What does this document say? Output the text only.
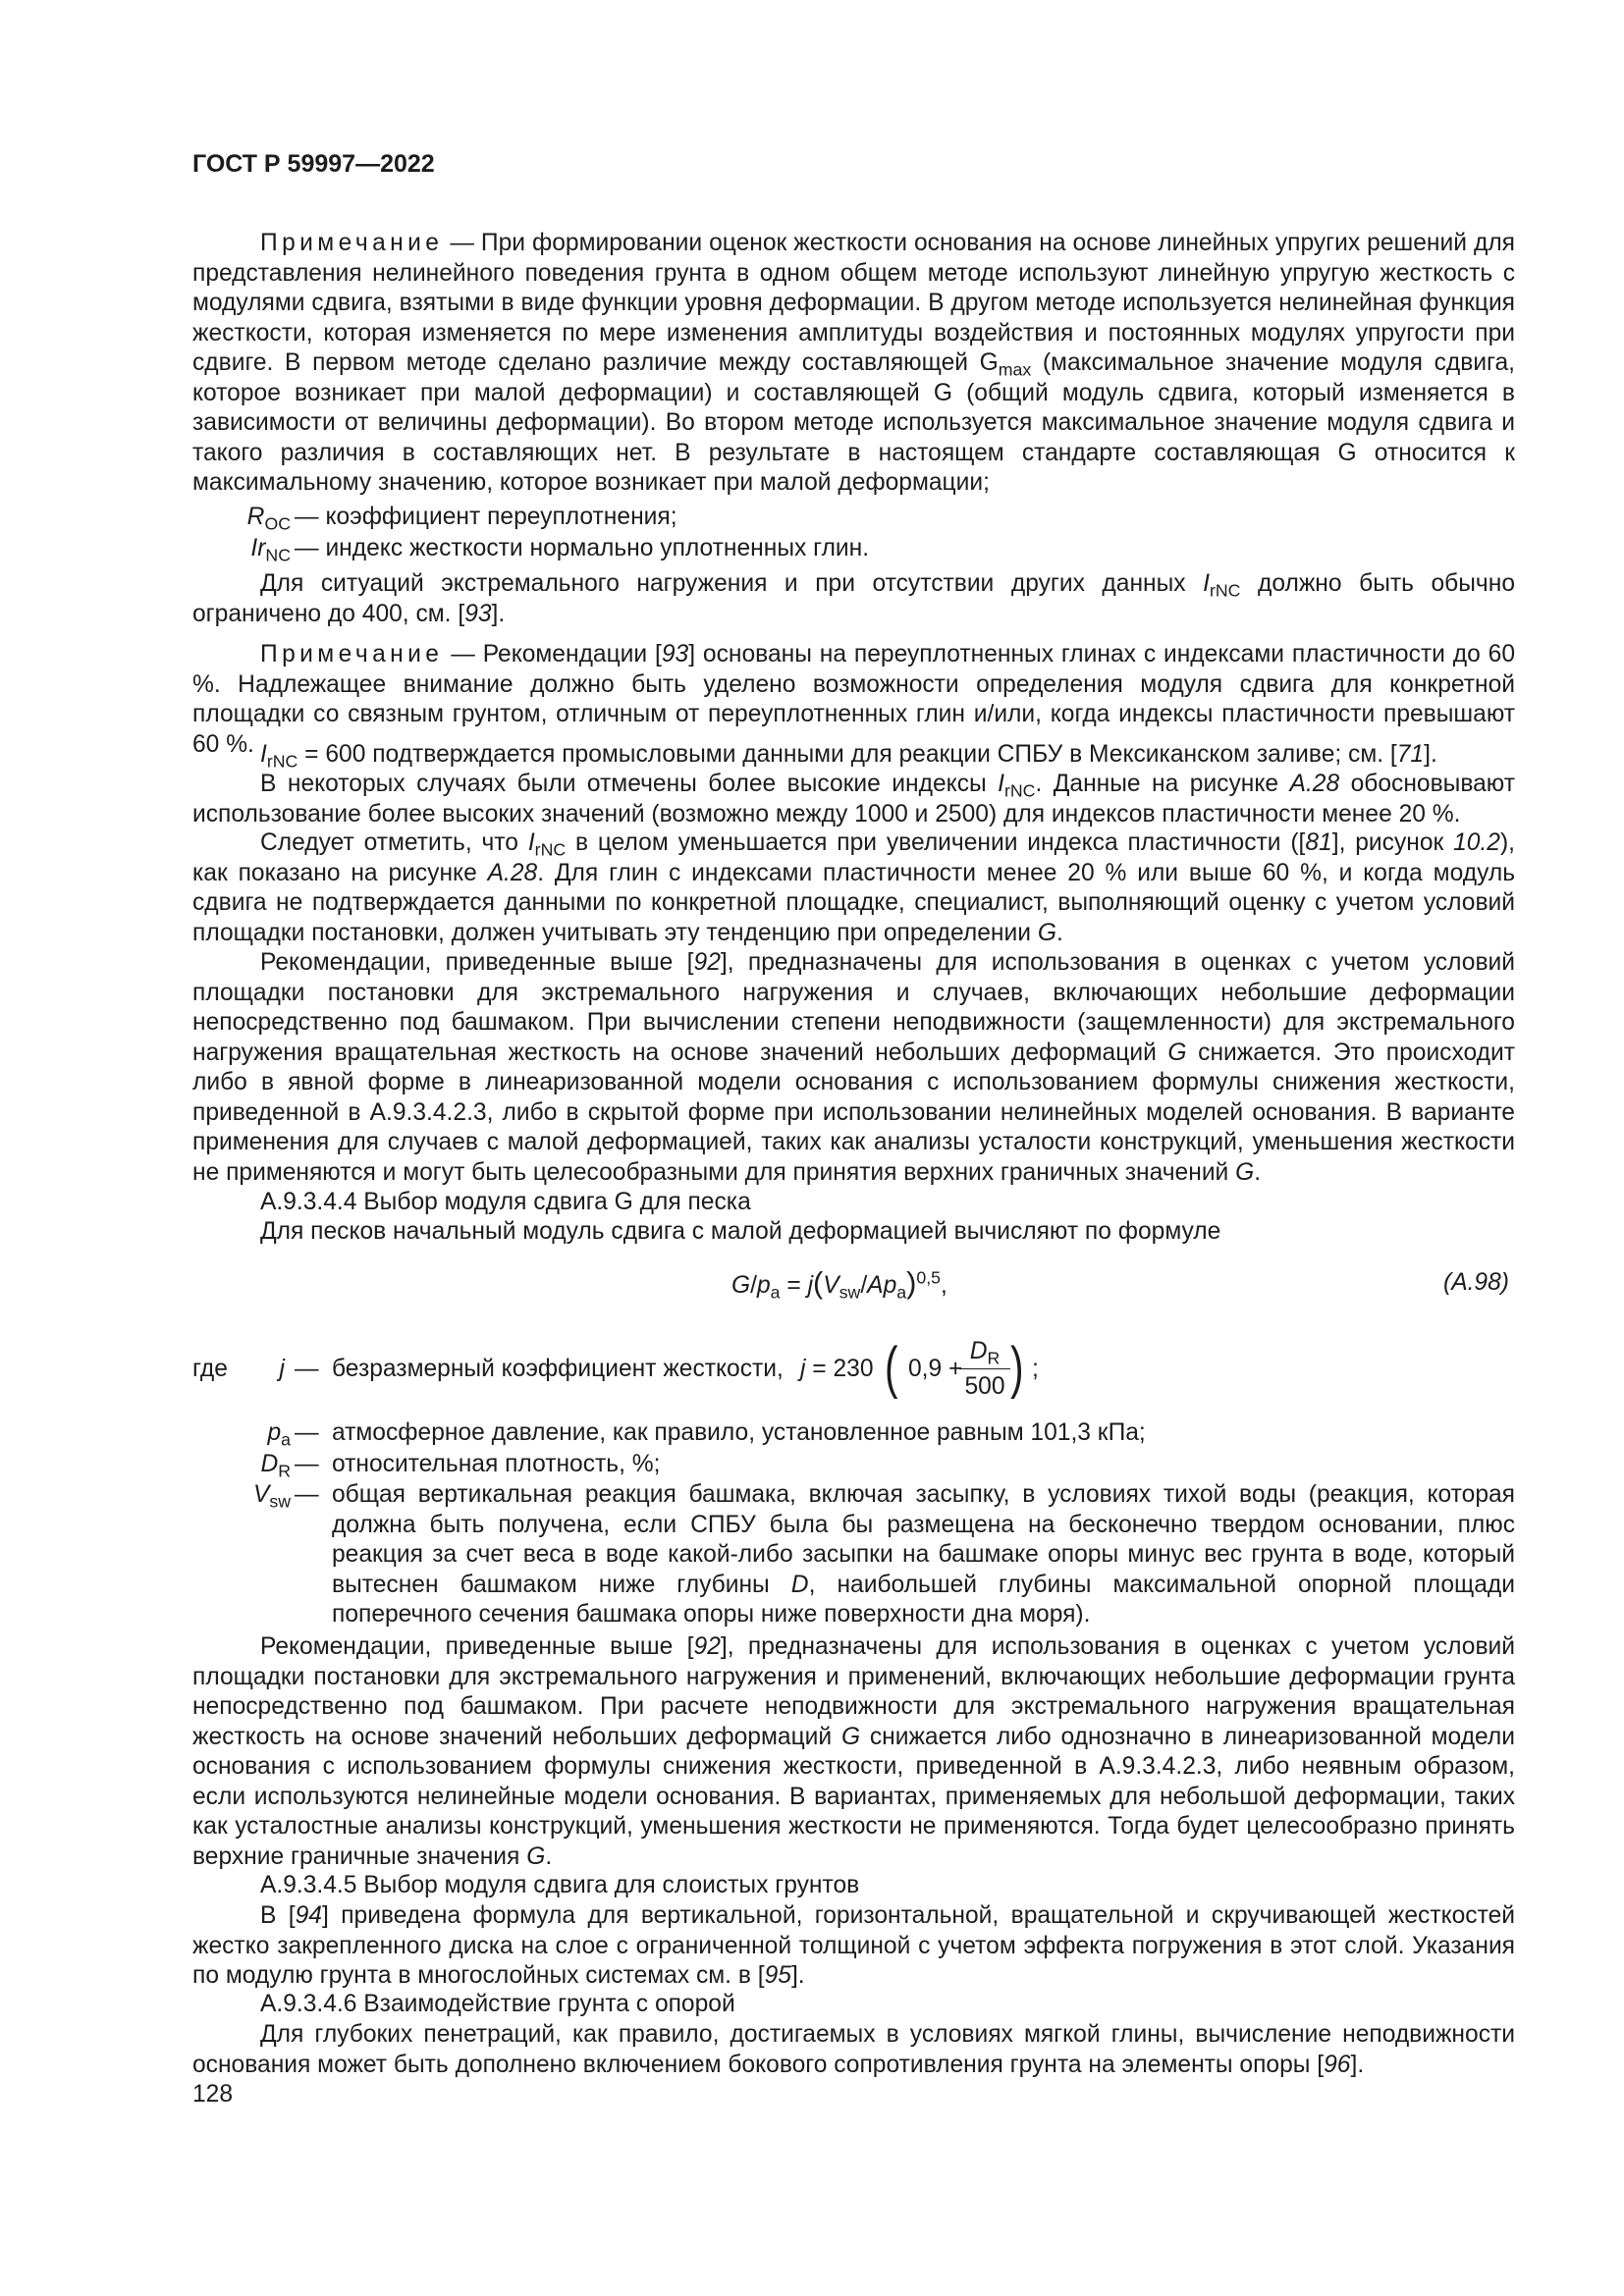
ГОСТ Р 59997—2022

Примечание — При формировании оценок жесткости основания на основе линейных упругих решений для представления нелинейного поведения грунта в одном общем методе используют линейную упругую жесткость с модулями сдвига, взятыми в виде функции уровня деформации. В другом методе используется нелинейная функция жесткости, которая изменяется по мере изменения амплитуды воздействия и постоянных модулях упругости при сдвиге. В первом методе сделано различие между составляющей $G_{max}$ (максимальное значение модуля сдвига, которое возникает при малой деформации) и составляющей G (общий модуль сдвига, который изменяется в зависимости от величины деформации). Во втором методе используется максимальное значение модуля сдвига и такого различия в составляющих нет. В результате в настоящем стандарте составляющая G относится к максимальному значению, которое возникает при малой деформации;

$R_{OC}$ — коэффициент переуплотнения;
$Ir_{NC}$ — индекс жесткости нормально уплотненных глин.

Для ситуаций экстремального нагружения и при отсутствии других данных $I_{rNC}$ должно быть обычно ограничено до 400, см. [93].

Примечание — Рекомендации [93] основаны на переуплотненных глинах с индексами пластичности до 60 %. Надлежащее внимание должно быть уделено возможности определения модуля сдвига для конкретной площадки со связным грунтом, отличным от переуплотненных глин и/или, когда индексы пластичности превышают 60 %. $I_{rNC} = 600$ подтверждается промысловыми данными для реакции СПБУ в Мексиканском заливе; см. [71].

В некоторых случаях были отмечены более высокие индексы $I_{rNC}$. Данные на рисунке A.28 обосновывают использование более высоких значений (возможно между 1000 и 2500) для индексов пластичности менее 20 %.

Следует отметить, что $I_{rNC}$ в целом уменьшается при увеличении индекса пластичности ([81], рисунок 10.2), как показано на рисунке A.28. Для глин с индексами пластичности менее 20 % или выше 60 %, и когда модуль сдвига не подтверждается данными по конкретной площадке, специалист, выполняющий оценку с учетом условий площадки постановки, должен учитывать эту тенденцию при определении G.

Рекомендации, приведенные выше [92], предназначены для использования в оценках с учетом условий площадки постановки для экстремального нагружения и случаев, включающих небольшие деформации непосредственно под башмаком. При вычислении степени неподвижности (защемленности) для экстремального нагружения вращательная жесткость на основе значений небольших деформаций G снижается. Это происходит либо в явной форме в линеаризованной модели основания с использованием формулы снижения жесткости, приведенной в А.9.3.4.2.3, либо в скрытой форме при использовании нелинейных моделей основания. В варианте применения для случаев с малой деформацией, таких как анализы усталости конструкций, уменьшения жесткости не применяются и могут быть целесообразными для принятия верхних граничных значений G.

А.9.3.4.4 Выбор модуля сдвига G для песка

Для песков начальный модуль сдвига с малой деформацией вычисляют по формуле

$G/p_a = j(V_{sw}/Ap_a)^{0,5}$,	(А.98)
где	j — безразмерный коэффициент жесткости, j = 230 ( 0,9 +
$D_R$
500 ) ;
$p_a$ — атмосферное давление, как правило, установленное равным 101,3 кПа;
$D_R$ — относительная плотность, %;
$V_{sw}$ — общая вертикальная реакция башмака, включая засыпку, в условиях тихой воды (реакция, которая должна быть получена, если СПБУ была бы размещена на бесконечно твердом основании, плюс реакция за счет веса в воде какой-либо засыпки на башмаке опоры минус вес грунта в воде, который вытеснен башмаком ниже глубины D, наибольшей глубины максимальной опорной площади поперечного сечения башмака опоры ниже поверхности дна моря).

Рекомендации, приведенные выше [92], предназначены для использования в оценках с учетом условий площадки постановки для экстремального нагружения и применений, включающих небольшие деформации грунта непосредственно под башмаком. При расчете неподвижности для экстремального нагружения вращательная жесткость на основе значений небольших деформаций G снижается либо однозначно в линеаризованной модели основания с использованием формулы снижения жесткости, приведенной в А.9.3.4.2.3, либо неявным образом, если используются нелинейные модели основания. В вариантах, применяемых для небольшой деформации, таких как усталостные анализы конструкций, уменьшения жесткости не применяются. Тогда будет целесообразно принять верхние граничные значения G.

А.9.3.4.5 Выбор модуля сдвига для слоистых грунтов

В [94] приведена формула для вертикальной, горизонтальной, вращательной и скручивающей жесткостей жестко закрепленного диска на слое с ограниченной толщиной с учетом эффекта погружения в этот слой. Указания по модулю грунта в многослойных системах см. в [95].

А.9.3.4.6 Взаимодействие грунта с опорой

Для глубоких пенетраций, как правило, достигаемых в условиях мягкой глины, вычисление неподвижности основания может быть дополнено включением бокового сопротивления грунта на элементы опоры [96].

128
